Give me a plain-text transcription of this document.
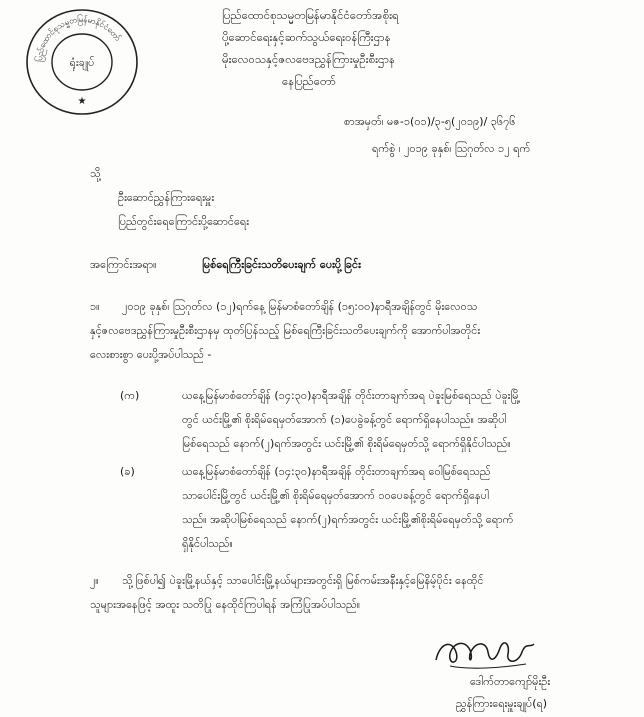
ပြည်ထောင်စုသမ္မတမြန်မာနိုင်ငံတော်
ရုံးချုပ်
★
ပြည်ထောင်စုသမ္မတမြန်မာနိုင်ငံတော်အစိုးရ
ပို့ဆောင်ရေးနှင့်ဆက်သွယ်ရေးဝန်ကြီးဌာန
မိုးလေဝသနှင့်ဇလဗေဒညွှန်ကြားမှုဦးစီးဌာန
နေပြည်တော်
စာအမှတ်၊ မဇ-၁(၀၁)/၃-၅(၂၀၁၉)/ ၃၆၇၆
ရက်စွဲ ၊ ၂၀၁၉ ခုနှစ်၊ ဩဂုတ်လ ၁၂ ရက်
သို့
ဦးဆောင်ညွှန်ကြားရေးမှူး
ပြည်တွင်းရေကြောင်းပို့ဆောင်ရေး
အကြောင်းအရာ။	မြစ်ရေကြီးခြင်းသတိပေးချက် ပေးပို့ခြင်း
၁။ ၂၀၁၉ ခုနှစ်၊ ဩဂုတ်လ (၁၂)ရက်နေ့ မြန်မာစံတော်ချိန် (၁၅:၀၀)နာရီအချိန်တွင် မိုးလေဝသ
နှင့်ဇလဗေဒညွှန်ကြားမှုဦးစီးဌာနမှ ထုတ်ပြန်သည့် မြစ်ရေကြီးခြင်းသတိပေးချက်ကို အောက်ပါအတိုင်း
လေးစားစွာ ပေးပို့အပ်ပါသည် -
(က)	ယနေ့မြန်မာစံတော်ချိန် (၁၄:၃၀)နာရီအချိန် တိုင်းတာချက်အရ ပဲခူးမြစ်ရေသည် ပဲခူးမြို့
တွင် ယင်းမြို့၏ စိုးရိမ်ရေမှတ်အောက် (၁)ပေခွဲခန့်တွင် ရောက်ရှိနေပါသည်။ အဆိုပါ
မြစ်ရေသည် နောက်(၂)ရက်အတွင်း ယင်းမြို့၏ စိုးရိမ်ရေမှတ်သို့ ရောက်ရှိနိုင်ပါသည်။
(ခ)	ယနေ့မြန်မာစံတော်ချိန် (၁၄:၃၀)နာရီအချိန် တိုင်းတာချက်အရ ဝေါမြစ်ရေသည်
သာပေါင်းမြို့တွင် ယင်းမြို့၏ စိုးရိမ်ရေမှတ်အောက် ၁၀ပေခန့်တွင် ရောက်ရှိနေပါ
သည်။ အဆိုပါမြစ်ရေသည် နောက်(၂)ရက်အတွင်း ယင်းမြို့၏စိုးရိမ်ရေမှတ်သို့ ရောက်
ရှိနိုင်ပါသည်။
၂။ သို့ဖြစ်ပါ၍ ပဲခူးမြို့နယ်နှင့် သာပေါင်းမြို့နယ်များအတွင်းရှိ မြစ်ကမ်းအနီးနှင့်မြေနိမ့်ပိုင်း နေထိုင်
သူများအနေဖြင့် အထူး သတိပြု နေထိုင်ကြပါရန် အကြံပြုအပ်ပါသည်။
ဒေါက်တာကျော်မိုးဦး
ညွှန်ကြားရေးမှူးချုပ်(ရ)
